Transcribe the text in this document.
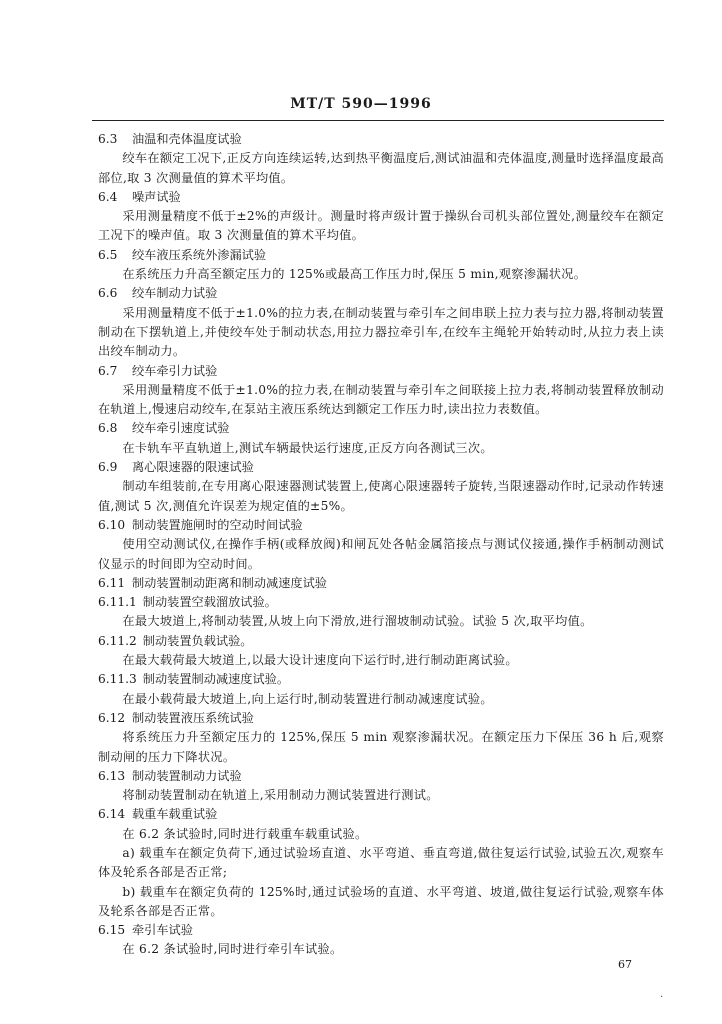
MT/T 590—1996
6.3	油温和壳体温度试验
绞车在额定工况下,正反方向连续运转,达到热平衡温度后,测试油温和壳体温度,测量时选择温度最高部位,取 3 次测量值的算术平均值。
6.4	噪声试验
采用测量精度不低于±2%的声级计。测量时将声级计置于操纵台司机头部位置处,测量绞车在额定工况下的噪声值。取 3 次测量值的算术平均值。
6.5	绞车液压系统外渗漏试验
在系统压力升高至额定压力的 125%或最高工作压力时,保压 5 min,观察渗漏状况。
6.6	绞车制动力试验
采用测量精度不低于±1.0%的拉力表,在制动装置与牵引车之间串联上拉力表与拉力器,将制动装置制动在下摆轨道上,并使绞车处于制动状态,用拉力器拉牵引车,在绞车主绳轮开始转动时,从拉力表上读出绞车制动力。
6.7	绞车牵引力试验
采用测量精度不低于±1.0%的拉力表,在制动装置与牵引车之间联接上拉力表,将制动装置释放制动在轨道上,慢速启动绞车,在泵站主液压系统达到额定工作压力时,读出拉力表数值。
6.8	绞车牵引速度试验
在卡轨车平直轨道上,测试车辆最快运行速度,正反方向各测试三次。
6.9	离心限速器的限速试验
制动车组装前,在专用离心限速器测试装置上,使离心限速器转子旋转,当限速器动作时,记录动作转速值,测试 5 次,测值允许误差为规定值的±5%。
6.10 制动装置施闸时的空动时间试验
使用空动测试仪,在操作手柄(或释放阀)和闸瓦处各帖金属箔接点与测试仪接通,操作手柄制动测试仪显示的时间即为空动时间。
6.11 制动装置制动距离和制动减速度试验
6.11.1 制动装置空载溜放试验。
在最大坡道上,将制动装置,从坡上向下滑放,进行溜坡制动试验。试验 5 次,取平均值。
6.11.2 制动装置负载试验。
在最大载荷最大坡道上,以最大设计速度向下运行时,进行制动距离试验。
6.11.3 制动装置制动减速度试验。
在最小载荷最大坡道上,向上运行时,制动装置进行制动减速度试验。
6.12 制动装置液压系统试验
将系统压力升至额定压力的 125%,保压 5 min 观察渗漏状况。在额定压力下保压 36 h 后,观察制动闸的压力下降状况。
6.13 制动装置制动力试验
将制动装置制动在轨道上,采用制动力测试装置进行测试。
6.14 载重车载重试验
在 6.2 条试验时,同时进行载重车载重试验。
a) 载重车在额定负荷下,通过试验场直道、水平弯道、垂直弯道,做往复运行试验,试验五次,观察车体及轮系各部是否正常;
b) 载重车在额定负荷的 125%时,通过试验场的直道、水平弯道、坡道,做往复运行试验,观察车体及轮系各部是否正常。
6.15 牵引车试验
在 6.2 条试验时,同时进行牵引车试验。
67
·
